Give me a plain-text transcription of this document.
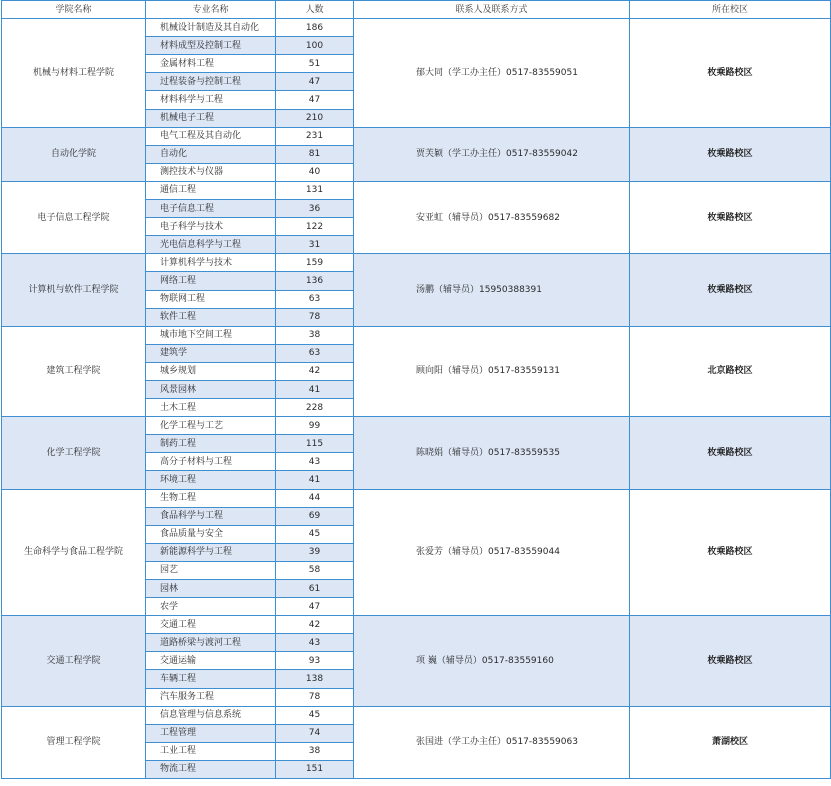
学院名称	专业名称	人数	联系人及联系方式	所在校区
机械与材料工程学院	机械设计制造及其自动化	186	郁大同（学工办主任）0517-83559051	枚乘路校区
	材料成型及控制工程	100		
	金属材料工程	51		
	过程装备与控制工程	47		
	材料科学与工程	47		
	机械电子工程	210		
自动化学院	电气工程及其自动化	231	贾芙颖（学工办主任）0517-83559042	枚乘路校区
	自动化	81		
	测控技术与仪器	40		
电子信息工程学院	通信工程	131	安亚虹（辅导员）0517-83559682	枚乘路校区
	电子信息工程	36		
	电子科学与技术	122		
	光电信息科学与工程	31		
计算机与软件工程学院	计算机科学与技术	159	汤鹏（辅导员）15950388391	枚乘路校区
	网络工程	136		
	物联网工程	63		
	软件工程	78		
建筑工程学院	城市地下空间工程	38	顾向阳（辅导员）0517-83559131	北京路校区
	建筑学	63		
	城乡规划	42		
	风景园林	41		
	土木工程	228		
化学工程学院	化学工程与工艺	99	陈晓娟（辅导员）0517-83559535	枚乘路校区
	制药工程	115		
	高分子材料与工程	43		
	环境工程	41		
生命科学与食品工程学院	生物工程	44	张爱芳（辅导员）0517-83559044	枚乘路校区
	食品科学与工程	69		
	食品质量与安全	45		
	新能源科学与工程	39		
	园艺	58		
	园林	61		
	农学	47		
交通工程学院	交通工程	42	项 巍（辅导员）0517-83559160	枚乘路校区
	道路桥梁与渡河工程	43		
	交通运输	93		
	车辆工程	138		
	汽车服务工程	78		
管理工程学院	信息管理与信息系统	45	张国进（学工办主任）0517-83559063	萧湖校区
	工程管理	74		
	工业工程	38		
	物流工程	151		
